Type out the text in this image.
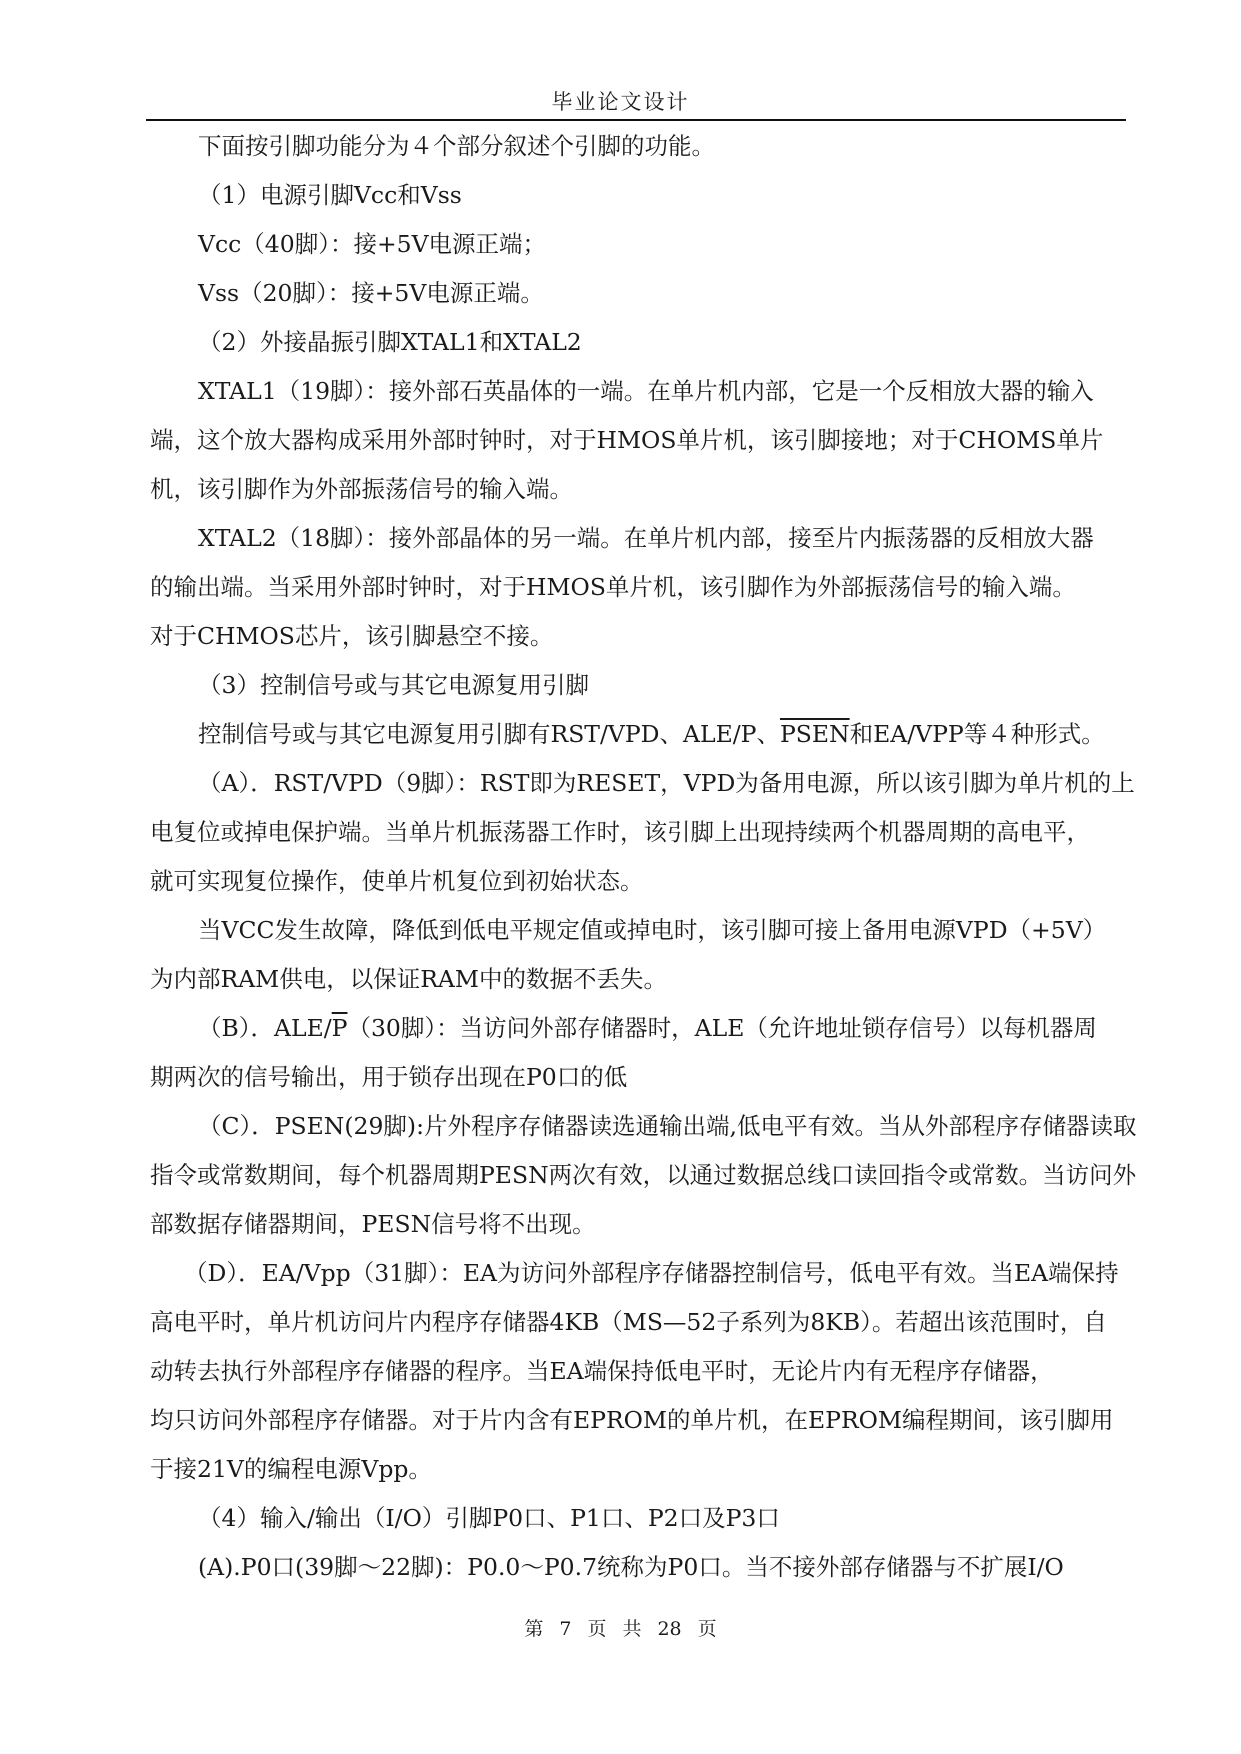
毕业论文设计

下面按引脚功能分为４个部分叙述个引脚的功能。

（1）电源引脚Vcc和Vss

Vcc（40脚）：接+5V电源正端；

Vss（20脚）：接+5V电源正端。

（2）外接晶振引脚XTAL1和XTAL2

XTAL1（19脚）：接外部石英晶体的一端。在单片机内部，它是一个反相放大器的输入

端，这个放大器构成采用外部时钟时，对于HMOS单片机，该引脚接地；对于CHOMS单片

机，该引脚作为外部振荡信号的输入端。

XTAL2（18脚）：接外部晶体的另一端。在单片机内部，接至片内振荡器的反相放大器

的输出端。当采用外部时钟时，对于HMOS单片机，该引脚作为外部振荡信号的输入端。

对于CHMOS芯片，该引脚悬空不接。

（3）控制信号或与其它电源复用引脚

控制信号或与其它电源复用引脚有RST/VPD、ALE/P、PSEN和EA/VPP等４种形式。

（A）．RST/VPD（9脚）：RST即为RESET，VPD为备用电源，所以该引脚为单片机的上

电复位或掉电保护端。当单片机振荡器工作时，该引脚上出现持续两个机器周期的高电平，

就可实现复位操作，使单片机复位到初始状态。

当VCC发生故障，降低到低电平规定值或掉电时，该引脚可接上备用电源VPD（+5V）

为内部RAM供电，以保证RAM中的数据不丢失。

（B）．ALE/$\overline{P}(30$脚）：当访问外部存储器时，ALE（允许地址锁存信号）以每机器周

期两次的信号输出，用于锁存出现在P0口的低

（C）．PSEN(29脚):片外程序存储器读选通输出端,低电平有效。当从外部程序存储器读取

指令或常数期间，每个机器周期PESN两次有效，以通过数据总线口读回指令或常数。当访问外

部数据存储器期间，PESN信号将不出现。

（D）．EA/Vpp（31脚）：EA为访问外部程序存储器控制信号，低电平有效。当EA端保持

高电平时，单片机访问片内程序存储器4KB（MS—52子系列为8KB）。若超出该范围时，自

动转去执行外部程序存储器的程序。当EA端保持低电平时，无论片内有无程序存储器，

均只访问外部程序存储器。对于片内含有EPROM的单片机，在EPROM编程期间，该引脚用

于接21V的编程电源Vpp。

（4）输入/输出（I/O）引脚P0口、P1口、P2口及P3口

(A).P0口(39脚～22脚)：P0.0～P0.7统称为P0口。当不接外部存储器与不扩展I/O

第 7 页 共 28 页
